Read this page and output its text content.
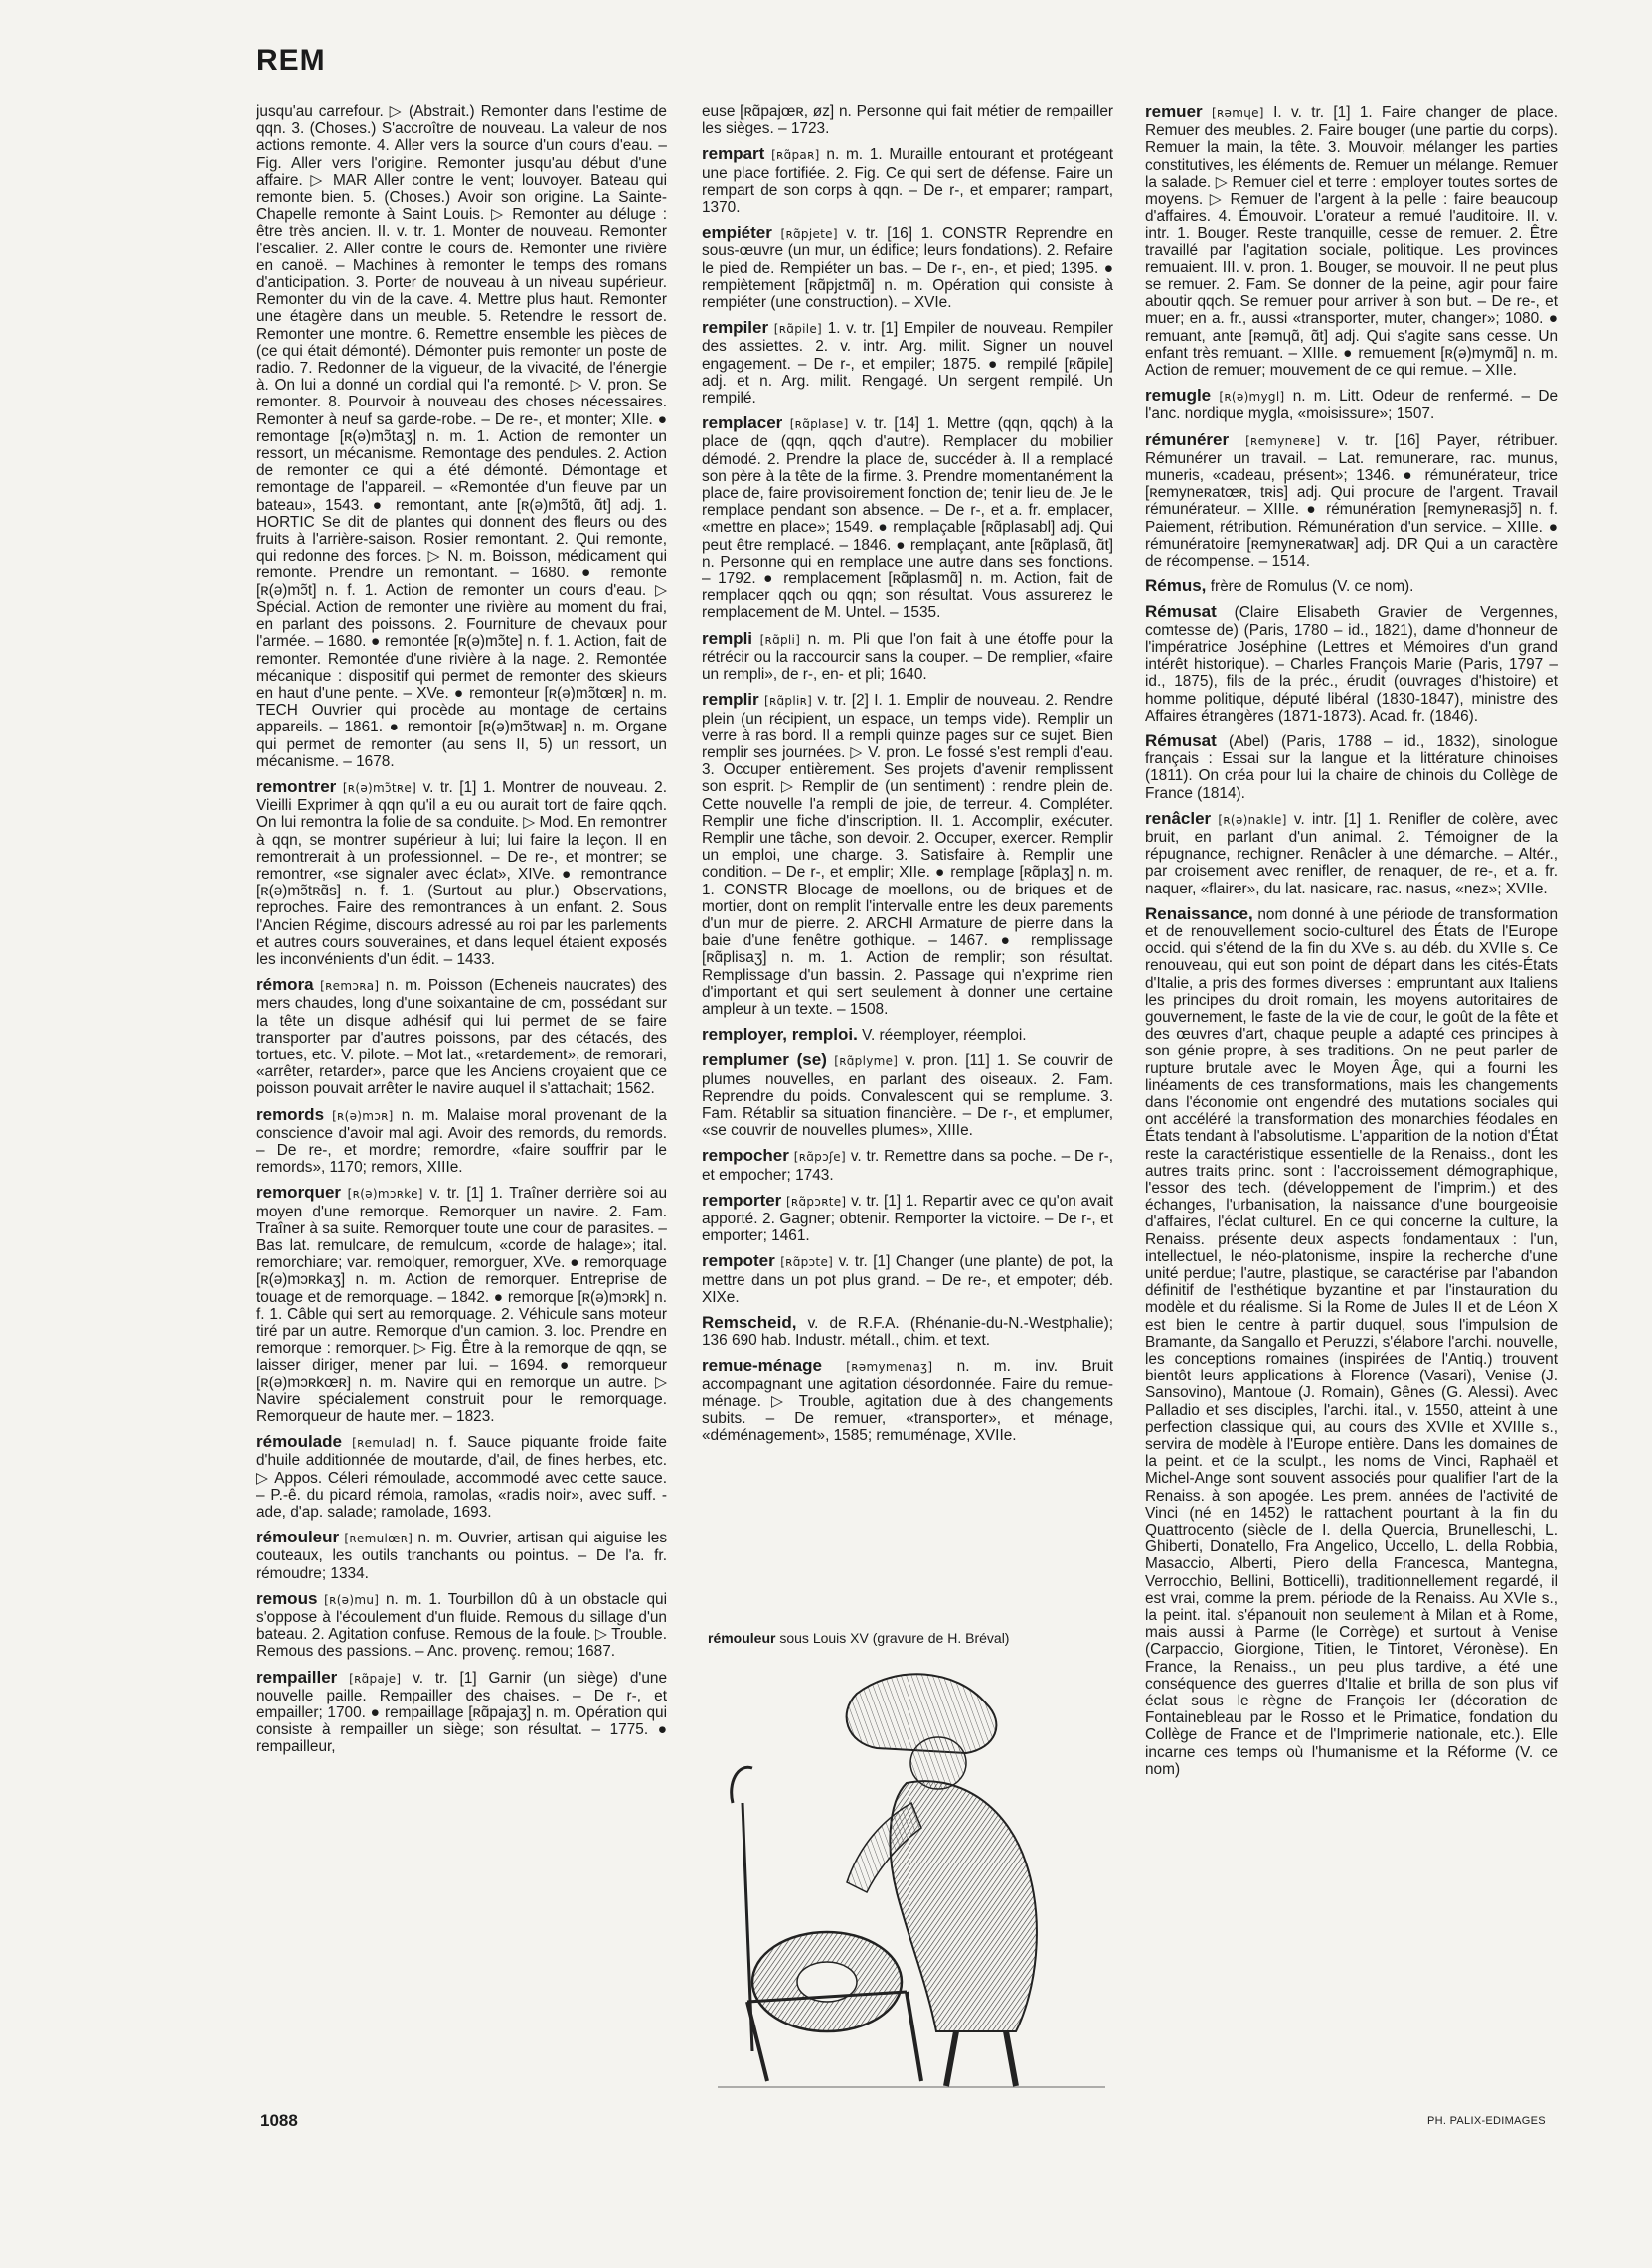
REM

jusqu'au carrefour. ▷ (Abstrait.) Remonter dans l'estime de qqn. 3. (Choses.) S'accroître de nouveau. La valeur de nos actions remonte. 4. Aller vers la source d'un cours d'eau. – Fig. Aller vers l'origine. Remonter jusqu'au début d'une affaire. ▷ MAR Aller contre le vent; louvoyer. Bateau qui remonte bien. 5. (Choses.) Avoir son origine. La Sainte-Chapelle remonte à Saint Louis. ▷ Remonter au déluge : être très ancien. II. v. tr. 1. Monter de nouveau. Remonter l'escalier. 2. Aller contre le cours de. Remonter une rivière en canoë. – Machines à remonter le temps des romans d'anticipation. 3. Porter de nouveau à un niveau supérieur. Remonter du vin de la cave. 4. Mettre plus haut. Remonter une étagère dans un meuble. 5. Retendre le ressort de. Remonter une montre. 6. Remettre ensemble les pièces de (ce qui était démonté). Démonter puis remonter un poste de radio. 7. Redonner de la vigueur, de la vivacité, de l'énergie à. On lui a donné un cordial qui l'a remonté. ▷ V. pron. Se remonter. 8. Pourvoir à nouveau des choses nécessaires. Remonter à neuf sa garde-robe. – De re-, et monter; XIIe. ● remontage [ʀ(ə)mɔ̃taʒ] n. m. 1. Action de remonter un ressort, un mécanisme. Remontage des pendules. 2. Action de remonter ce qui a été démonté. Démontage et remontage de l'appareil. – «Remontée d'un fleuve par un bateau», 1543. ● remontant, ante [ʀ(ə)mɔ̃tɑ̃, ɑ̃t] adj. 1. HORTIC Se dit de plantes qui donnent des fleurs ou des fruits à l'arrière-saison. Rosier remontant. 2. Qui remonte, qui redonne des forces. ▷ N. m. Boisson, médicament qui remonte. Prendre un remontant. – 1680. ● remonte [ʀ(ə)mɔ̃t] n. f. 1. Action de remonter un cours d'eau. ▷ Spécial. Action de remonter une rivière au moment du frai, en parlant des poissons. 2. Fourniture de chevaux pour l'armée. – 1680. ● remontée [ʀ(ə)mɔ̃te] n. f. 1. Action, fait de remonter. Remontée d'une rivière à la nage. 2. Remontée mécanique : dispositif qui permet de remonter des skieurs en haut d'une pente. – XVe. ● remonteur [ʀ(ə)mɔ̃tœʀ] n. m. TECH Ouvrier qui procède au montage de certains appareils. – 1861. ● remontoir [ʀ(ə)mɔ̃twaʀ] n. m. Organe qui permet de remonter (au sens II, 5) un ressort, un mécanisme. – 1678.

remontrer [ʀ(ə)mɔ̃tʀe] v. tr. [1] 1. Montrer de nouveau. 2. Vieilli Exprimer à qqn qu'il a eu ou aurait tort de faire qqch. On lui remontra la folie de sa conduite. ▷ Mod. En remontrer à qqn, se montrer supérieur à lui; lui faire la leçon. Il en remontrerait à un professionnel. – De re-, et montrer; se remontrer, «se signaler avec éclat», XIVe. ● remontrance [ʀ(ə)mɔ̃tʀɑ̃s] n. f. 1. (Surtout au plur.) Observations, reproches. Faire des remontrances à un enfant. 2. Sous l'Ancien Régime, discours adressé au roi par les parlements et autres cours souveraines, et dans lequel étaient exposés les inconvénients d'un édit. – 1433.

rémora [ʀemɔʀa] n. m. Poisson (Echeneis naucrates) des mers chaudes, long d'une soixantaine de cm, possédant sur la tête un disque adhésif qui lui permet de se faire transporter par d'autres poissons, par des cétacés, des tortues, etc. V. pilote. – Mot lat., «retardement», de remorari, «arrêter, retarder», parce que les Anciens croyaient que ce poisson pouvait arrêter le navire auquel il s'attachait; 1562.

remords [ʀ(ə)mɔʀ] n. m. Malaise moral provenant de la conscience d'avoir mal agi. Avoir des remords, du remords. – De re-, et mordre; remordre, «faire souffrir par le remords», 1170; remors, XIIIe.

remorquer [ʀ(ə)mɔʀke] v. tr. [1] 1. Traîner derrière soi au moyen d'une remorque. Remorquer un navire. 2. Fam. Traîner à sa suite. Remorquer toute une cour de parasites. – Bas lat. remulcare, de remulcum, «corde de halage»; ital. remorchiare; var. remolquer, remorguer, XVe. ● remorquage [ʀ(ə)mɔʀkaʒ] n. m. Action de remorquer. Entreprise de touage et de remorquage. – 1842. ● remorque [ʀ(ə)mɔʀk] n. f. 1. Câble qui sert au remorquage. 2. Véhicule sans moteur tiré par un autre. Remorque d'un camion. 3. loc. Prendre en remorque : remorquer. ▷ Fig. Être à la remorque de qqn, se laisser diriger, mener par lui. – 1694. ● remorqueur [ʀ(ə)mɔʀkœʀ] n. m. Navire qui en remorque un autre. ▷ Navire spécialement construit pour le remorquage. Remorqueur de haute mer. – 1823.

rémoulade [ʀemulad] n. f. Sauce piquante froide faite d'huile additionnée de moutarde, d'ail, de fines herbes, etc. ▷ Appos. Céleri rémoulade, accommodé avec cette sauce. – P.-ê. du picard rémola, ramolas, «radis noir», avec suff. -ade, d'ap. salade; ramolade, 1693.

rémouleur [ʀemulœʀ] n. m. Ouvrier, artisan qui aiguise les couteaux, les outils tranchants ou pointus. – De l'a. fr. rémoudre; 1334.

remous [ʀ(ə)mu] n. m. 1. Tourbillon dû à un obstacle qui s'oppose à l'écoulement d'un fluide. Remous du sillage d'un bateau. 2. Agitation confuse. Remous de la foule. ▷ Trouble. Remous des passions. – Anc. provenç. remou; 1687.

rempailler [ʀɑ̃paje] v. tr. [1] Garnir (un siège) d'une nouvelle paille. Rempailler des chaises. – De r-, et empailler; 1700. ● rempaillage [ʀɑ̃pajaʒ] n. m. Opération qui consiste à rempailler un siège; son résultat. – 1775. ● rempailleur,

euse [ʀɑ̃pajœʀ, øz] n. Personne qui fait métier de rempailler les sièges. – 1723.

rempart [ʀɑ̃paʀ] n. m. 1. Muraille entourant et protégeant une place fortifiée. 2. Fig. Ce qui sert de défense. Faire un rempart de son corps à qqn. – De r-, et emparer; rampart, 1370.

empiéter [ʀɑ̃pjete] v. tr. [16] 1. CONSTR Reprendre en sous-œuvre (un mur, un édifice; leurs fondations). 2. Refaire le pied de. Rempiéter un bas. – De r-, en-, et pied; 1395. ● rempiètement [ʀɑ̃pjɛtmɑ̃] n. m. Opération qui consiste à rempiéter (une construction). – XVIe.

rempiler [ʀɑ̃pile] 1. v. tr. [1] Empiler de nouveau. Rempiler des assiettes. 2. v. intr. Arg. milit. Signer un nouvel engagement. – De r-, et empiler; 1875. ● rempilé [ʀɑ̃pile] adj. et n. Arg. milit. Rengagé. Un sergent rempilé. Un rempilé.

remplacer [ʀɑ̃plase] v. tr. [14] 1. Mettre (qqn, qqch) à la place de (qqn, qqch d'autre). Remplacer du mobilier démodé. 2. Prendre la place de, succéder à. Il a remplacé son père à la tête de la firme. 3. Prendre momentanément la place de, faire provisoirement fonction de; tenir lieu de. Je le remplace pendant son absence. – De r-, et a. fr. emplacer, «mettre en place»; 1549. ● remplaçable [ʀɑ̃plasabl] adj. Qui peut être remplacé. – 1846. ● remplaçant, ante [ʀɑ̃plasɑ̃, ɑ̃t] n. Personne qui en remplace une autre dans ses fonctions. – 1792. ● remplacement [ʀɑ̃plasmɑ̃] n. m. Action, fait de remplacer qqch ou qqn; son résultat. Vous assurerez le remplacement de M. Untel. – 1535.

rempli [ʀɑ̃pli] n. m. Pli que l'on fait à une étoffe pour la rétrécir ou la raccourcir sans la couper. – De remplier, «faire un rempli», de r-, en- et pli; 1640.

remplir [ʀɑ̃pliʀ] v. tr. [2] I. 1. Emplir de nouveau. 2. Rendre plein (un récipient, un espace, un temps vide). Remplir un verre à ras bord. Il a rempli quinze pages sur ce sujet. Bien remplir ses journées. ▷ V. pron. Le fossé s'est rempli d'eau. 3. Occuper entièrement. Ses projets d'avenir remplissent son esprit. ▷ Remplir de (un sentiment) : rendre plein de. Cette nouvelle l'a rempli de joie, de terreur. 4. Compléter. Remplir une fiche d'inscription. II. 1. Accomplir, exécuter. Remplir une tâche, son devoir. 2. Occuper, exercer. Remplir un emploi, une charge. 3. Satisfaire à. Remplir une condition. – De r-, et emplir; XIIe. ● remplage [ʀɑ̃plaʒ] n. m. 1. CONSTR Blocage de moellons, ou de briques et de mortier, dont on remplit l'intervalle entre les deux parements d'un mur de pierre. 2. ARCHI Armature de pierre dans la baie d'une fenêtre gothique. – 1467. ● remplissage [ʀɑ̃plisaʒ] n. m. 1. Action de remplir; son résultat. Remplissage d'un bassin. 2. Passage qui n'exprime rien d'important et qui sert seulement à donner une certaine ampleur à un texte. – 1508.

remployer, remploi. V. réemployer, réemploi.

remplumer (se) [ʀɑ̃plyme] v. pron. [11] 1. Se couvrir de plumes nouvelles, en parlant des oiseaux. 2. Fam. Reprendre du poids. Convalescent qui se remplume. 3. Fam. Rétablir sa situation financière. – De r-, et emplumer, «se couvrir de nouvelles plumes», XIIIe.

rempocher [ʀɑ̃pɔʃe] v. tr. Remettre dans sa poche. – De r-, et empocher; 1743.

remporter [ʀɑ̃pɔʀte] v. tr. [1] 1. Repartir avec ce qu'on avait apporté. 2. Gagner; obtenir. Remporter la victoire. – De r-, et emporter; 1461.

rempoter [ʀɑ̃pɔte] v. tr. [1] Changer (une plante) de pot, la mettre dans un pot plus grand. – De re-, et empoter; déb. XIXe.

Remscheid, v. de R.F.A. (Rhénanie-du-N.-Westphalie); 136 690 hab. Industr. métall., chim. et text.

remue-ménage [ʀəmymenaʒ] n. m. inv. Bruit accompagnant une agitation désordonnée. Faire du remue-ménage. ▷ Trouble, agitation due à des changements subits. – De remuer, «transporter», et ménage, «déménagement», 1585; remuménage, XVIIe.

remuer [ʀəmɥe] I. v. tr. [1] 1. Faire changer de place. Remuer des meubles. 2. Faire bouger (une partie du corps). Remuer la main, la tête. 3. Mouvoir, mélanger les parties constitutives, les éléments de. Remuer un mélange. Remuer la salade. ▷ Remuer ciel et terre : employer toutes sortes de moyens. ▷ Remuer de l'argent à la pelle : faire beaucoup d'affaires. 4. Émouvoir. L'orateur a remué l'auditoire. II. v. intr. 1. Bouger. Reste tranquille, cesse de remuer. 2. Être travaillé par l'agitation sociale, politique. Les provinces remuaient. III. v. pron. 1. Bouger, se mouvoir. Il ne peut plus se remuer. 2. Fam. Se donner de la peine, agir pour faire aboutir qqch. Se remuer pour arriver à son but. – De re-, et muer; en a. fr., aussi «transporter, muter, changer»; 1080. ● remuant, ante [ʀəmɥɑ̃, ɑ̃t] adj. Qui s'agite sans cesse. Un enfant très remuant. – XIIIe. ● remuement [ʀ(ə)mymɑ̃] n. m. Action de remuer; mouvement de ce qui remue. – XIIe.

remugle [ʀ(ə)mygl] n. m. Litt. Odeur de renfermé. – De l'anc. nordique mygla, «moisissure»; 1507.

rémunérer [ʀemyneʀe] v. tr. [16] Payer, rétribuer. Rémunérer un travail. – Lat. remunerare, rac. munus, muneris, «cadeau, présent»; 1346. ● rémunérateur, trice [ʀemyneʀatœʀ, tʀis] adj. Qui procure de l'argent. Travail rémunérateur. – XIIIe. ● rémunération [ʀemyneʀasjɔ̃] n. f. Paiement, rétribution. Rémunération d'un service. – XIIIe. ● rémunératoire [ʀemyneʀatwaʀ] adj. DR Qui a un caractère de récompense. – 1514.

Rémus, frère de Romulus (V. ce nom).

Rémusat (Claire Elisabeth Gravier de Vergennes, comtesse de) (Paris, 1780 – id., 1821), dame d'honneur de l'impératrice Joséphine (Lettres et Mémoires d'un grand intérêt historique). – Charles François Marie (Paris, 1797 – id., 1875), fils de la préc., érudit (ouvrages d'histoire) et homme politique, député libéral (1830-1847), ministre des Affaires étrangères (1871-1873). Acad. fr. (1846).

Rémusat (Abel) (Paris, 1788 – id., 1832), sinologue français : Essai sur la langue et la littérature chinoises (1811). On créa pour lui la chaire de chinois du Collège de France (1814).

renâcler [ʀ(ə)nakle] v. intr. [1] 1. Renifler de colère, avec bruit, en parlant d'un animal. 2. Témoigner de la répugnance, rechigner. Renâcler à une démarche. – Altér., par croisement avec renifler, de renaquer, de re-, et a. fr. naquer, «flairer», du lat. nasicare, rac. nasus, «nez»; XVIIe.

Renaissance, nom donné à une période de transformation et de renouvellement socio-culturel des États de l'Europe occid. qui s'étend de la fin du XVe s. au déb. du XVIIe s. Ce renouveau, qui eut son point de départ dans les cités-États d'Italie, a pris des formes diverses : empruntant aux Italiens les principes du droit romain, les moyens autoritaires de gouvernement, le faste de la vie de cour, le goût de la fête et des œuvres d'art, chaque peuple a adapté ces principes à son génie propre, à ses traditions. On ne peut parler de rupture brutale avec le Moyen Âge, qui a fourni les linéaments de ces transformations, mais les changements dans l'économie ont engendré des mutations sociales qui ont accéléré la transformation des monarchies féodales en États tendant à l'absolutisme. L'apparition de la notion d'État reste la caractéristique essentielle de la Renaiss., dont les autres traits princ. sont : l'accroissement démographique, l'essor des tech. (développement de l'imprim.) et des échanges, l'urbanisation, la naissance d'une bourgeoisie d'affaires, l'éclat culturel. En ce qui concerne la culture, la Renaiss. présente deux aspects fondamentaux : l'un, intellectuel, le néo-platonisme, inspire la recherche d'une unité perdue; l'autre, plastique, se caractérise par l'abandon définitif de l'esthétique byzantine et par l'instauration du modèle et du réalisme. Si la Rome de Jules II et de Léon X est bien le centre à partir duquel, sous l'impulsion de Bramante, da Sangallo et Peruzzi, s'élabore l'archi. nouvelle, les conceptions romaines (inspirées de l'Antiq.) trouvent bientôt leurs applications à Florence (Vasari), Venise (J. Sansovino), Mantoue (J. Romain), Gênes (G. Alessi). Avec Palladio et ses disciples, l'archi. ital., v. 1550, atteint à une perfection classique qui, au cours des XVIIe et XVIIIe s., servira de modèle à l'Europe entière. Dans les domaines de la peint. et de la sculpt., les noms de Vinci, Raphaël et Michel-Ange sont souvent associés pour qualifier l'art de la Renaiss. à son apogée. Les prem. années de l'activité de Vinci (né en 1452) le rattachent pourtant à la fin du Quattrocento (siècle de I. della Quercia, Brunelleschi, L. Ghiberti, Donatello, Fra Angelico, Uccello, L. della Robbia, Masaccio, Alberti, Piero della Francesca, Mantegna, Verrocchio, Bellini, Botticelli), traditionnellement regardé, il est vrai, comme la prem. période de la Renaiss. Au XVIe s., la peint. ital. s'épanouit non seulement à Milan et à Rome, mais aussi à Parme (le Corrège) et surtout à Venise (Carpaccio, Giorgione, Titien, le Tintoret, Véronèse). En France, la Renaiss., un peu plus tardive, a été une conséquence des guerres d'Italie et brilla de son plus vif éclat sous le règne de François Ier (décoration de Fontainebleau par le Rosso et le Primatice, fondation du Collège de France et de l'Imprimerie nationale, etc.). Elle incarne ces temps où l'humanisme et la Réforme (V. ce nom)

rémouleur sous Louis XV (gravure de H. Bréval)
1088	PH. PALIX-EDIMAGES
